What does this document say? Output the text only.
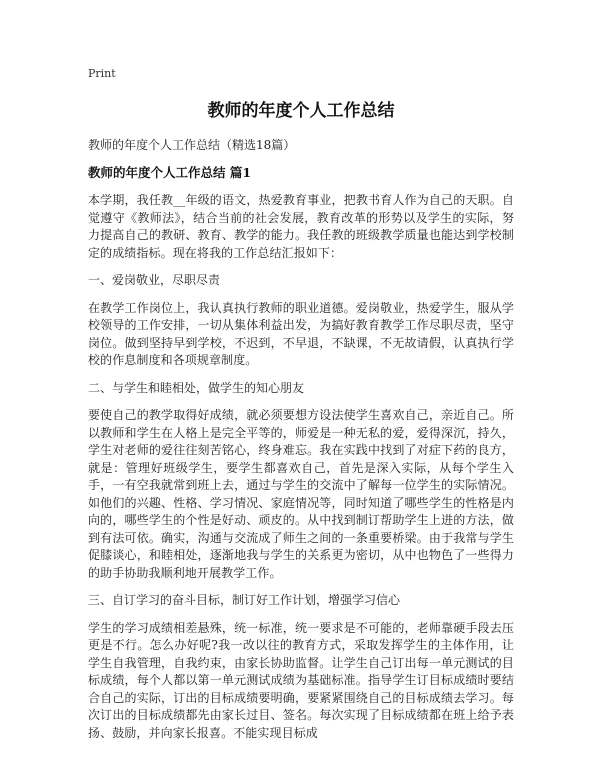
Print
教师的年度个人工作总结
教师的年度个人工作总结（精选18篇）
教师的年度个人工作总结 篇1

本学期，我任教__年级的语文，热爱教育事业，把教书育人作为自己的天职。自觉遵守《教师法》，结合当前的社会发展，教育改革的形势以及学生的实际，努力提高自己的教研、教育、教学的能力。我任教的班级教学质量也能达到学校制定的成绩指标。现在将我的工作总结汇报如下：

一、爱岗敬业，尽职尽责

在教学工作岗位上，我认真执行教师的职业道德。爱岗敬业，热爱学生，服从学校领导的工作安排，一切从集体利益出发，为搞好教育教学工作尽职尽责，坚守岗位。做到坚持早到学校，不迟到，不早退，不缺课，不无故请假，认真执行学校的作息制度和各项规章制度。

二、与学生和睦相处，做学生的知心朋友

要使自己的教学取得好成绩，就必须要想方设法使学生喜欢自己，亲近自己。所以教师和学生在人格上是完全平等的，师爱是一种无私的爱，爱得深沉，持久，学生对老师的爱往往刻苦铭心，终身难忘。我在实践中找到了对症下药的良方，就是：管理好班级学生，要学生都喜欢自己，首先是深入实际，从每个学生入手，一有空我就常到班上去，通过与学生的交流中了解每一位学生的实际情况。如他们的兴趣、性格、学习情况、家庭情况等，同时知道了哪些学生的性格是内向的，哪些学生的个性是好动、顽皮的。从中找到制订帮助学生上进的方法，做到有法可依。确实，沟通与交流成了师生之间的一条重要桥梁。由于我常与学生促膝谈心，和睦相处，逐渐地我与学生的关系更为密切，从中也物色了一些得力的助手协助我顺利地开展教学工作。

三、自订学习的奋斗目标，制订好工作计划，增强学习信心

学生的学习成绩相差悬殊，统一标准，统一要求是不可能的，老师靠硬手段去压更是不行。怎么办好呢?我一改以往的教育方式，采取发挥学生的主体作用，让学生自我管理，自我约束，由家长协助监督。让学生自己订出每一单元测试的目标成绩，每个人都以第一单元测试成绩为基础标准。指导学生订目标成绩时要结合自己的实际，订出的目标成绩要明确，要紧紧围绕自己的目标成绩去学习。每次订出的目标成绩都先由家长过目、签名。每次实现了目标成绩都在班上给予表扬、鼓励，并向家长报喜。不能实现目标成
